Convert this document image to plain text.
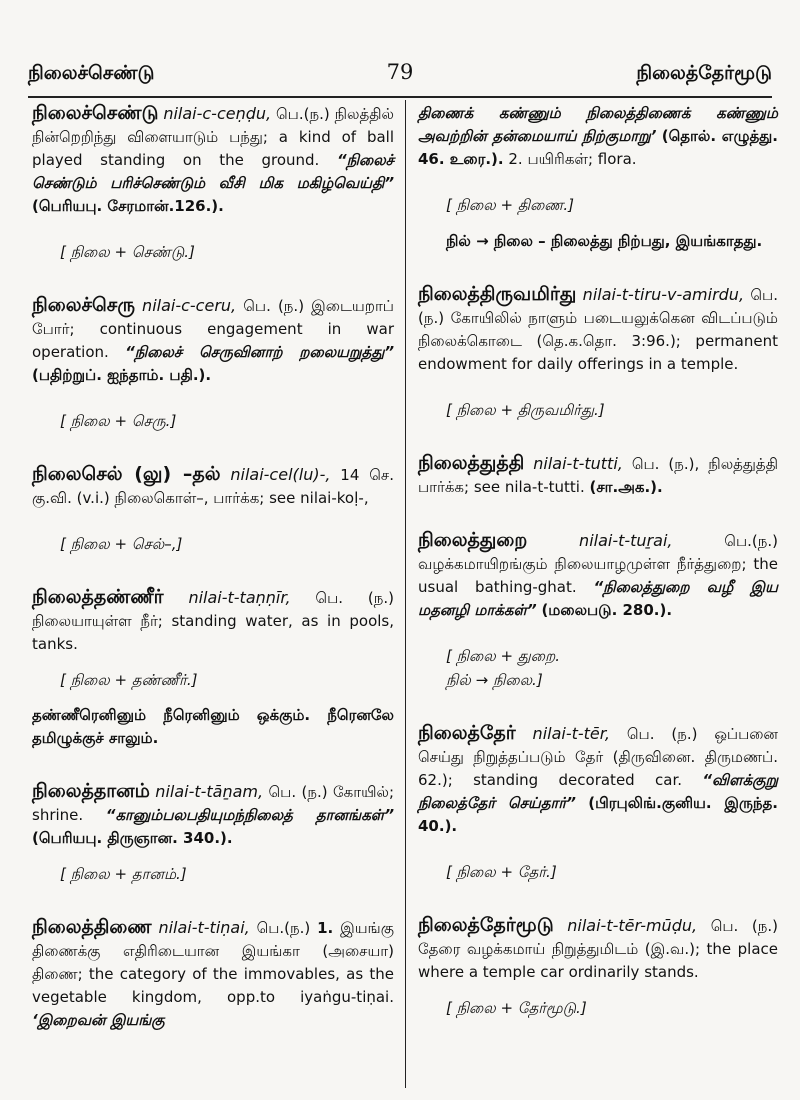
நிலைச்செண்டு	79	நிலைத்தேர்மூடு
நிலைச்செண்டு nilai-c-ceṇḍu, பெ.(ந.) நிலத்தில் நின்றெறிந்து விளையாடும் பந்து; a kind of ball played standing on the ground. “நிலைச் செண்டும் பரிச்செண்டும் வீசி மிக மகிழ்வெய்தி” (பெரியபு. சேரமான்.126.).
[ நிலை + செண்டு.]
நிலைச்செரு nilai-c-ceru, பெ. (ந.) இடையறாப் போர்; continuous engagement in war operation. “நிலைச் செருவினாற் றலையறுத்து” (பதிற்றுப். ஐந்தாம். பதி.).
[ நிலை + செரு.]
நிலைசெல் (லு) –தல் nilai-cel(lu)-, 14 செ. கு.வி. (v.i.) நிலைகொள்–, பார்க்க; see nilai-koḷ-,
[ நிலை + செல்–,]
நிலைத்தண்ணீர் nilai-t-taṇṇīr, பெ. (ந.) நிலையாயுள்ள நீர்; standing water, as in pools, tanks.
[ நிலை + தண்ணீர்.]
தண்ணீரெனினும் நீரெனினும் ஒக்கும். நீரெனலே தமிழுக்குச் சாலும்.
நிலைத்தானம் nilai-t-tāṉam, பெ. (ந.) கோயில்; shrine. “கானும்பலபதியுமந்நிலைத் தானங்கள்” (பெரியபு. திருஞான. 340.).
[ நிலை + தானம்.]
நிலைத்திணை nilai-t-tiṇai, பெ.(ந.) 1. இயங்கு திணைக்கு எதிரிடையான இயங்கா (அசையா) திணை; the category of the immovables, as the vegetable kingdom, opp.to iyaṅgu-tiṇai. ‘இறைவன் இயங்கு
திணைக் கண்ணும் நிலைத்திணைக் கண்ணும் அவற்றின் தன்மையாய் நிற்குமாறு’ (தொல். எழுத்து. 46. உரை.). 2. பயிரிகள்; flora.
[ நிலை + திணை.]
நில் → நிலை – நிலைத்து நிற்பது, இயங்காதது.
நிலைத்திருவமிர்து nilai-t-tiru-v-amirdu, பெ. (ந.) கோயிலில் நாளும் படையலுக்கென விடப்படும் நிலைக்கொடை (தெ.க.தொ. 3:96.); permanent endowment for daily offerings in a temple.
[ நிலை + திருவமிர்து.]
நிலைத்துத்தி nilai-t-tutti, பெ. (ந.), நிலத்துத்தி பார்க்க; see nila-t-tutti. (சா.அக.).
நிலைத்துறை	nilai-t-tuṟai,	பெ.(ந.) வழக்கமாயிறங்கும் நிலையாழமுள்ள நீர்த்துறை; the usual bathing-ghat. “நிலைத்துறை வழீ இய மதனழி மாக்கள்” (மலைபடு. 280.).
[ நிலை + துறை.
நில் → நிலை.]
நிலைத்தேர் nilai-t-tēr, பெ. (ந.) ஒப்பனை செய்து நிறுத்தப்படும் தேர் (திருவினை. திருமணப். 62.); standing decorated car. “விளக்குறு நிலைத்தேர் செய்தார்” (பிரபுலிங்.குனிய. இருந்த. 40.).
[ நிலை + தேர்.]
நிலைத்தேர்மூடு nilai-t-tēr-mūḍu, பெ. (ந.) தேரை வழக்கமாய் நிறுத்துமிடம் (இ.வ.); the place where a temple car ordinarily stands.
[ நிலை + தேர்மூடு.]
